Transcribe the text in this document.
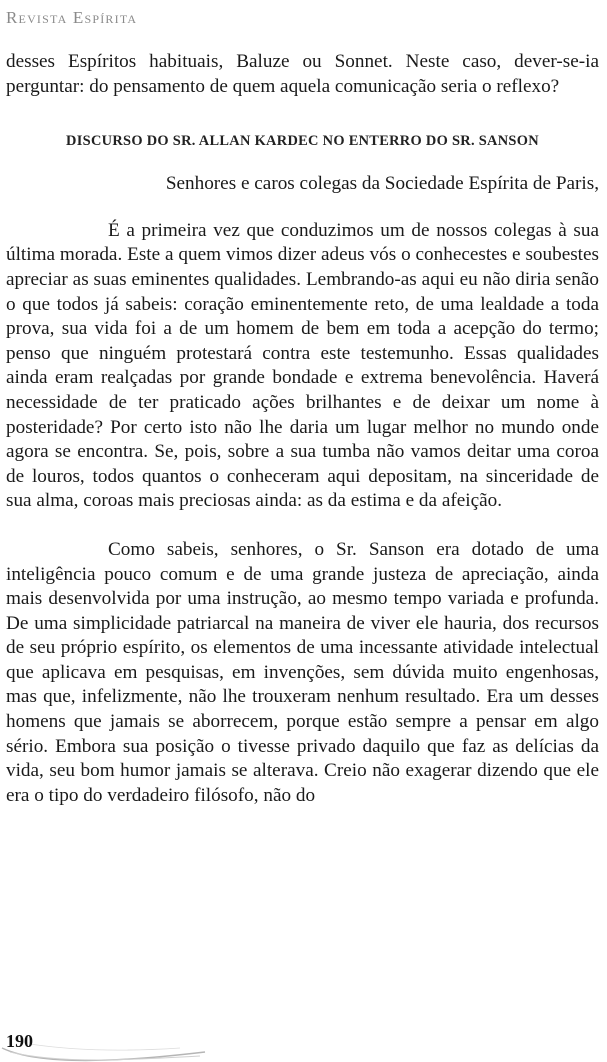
Revista Espírita

desses Espíritos habituais, Baluze ou Sonnet. Neste caso, dever-se-ia perguntar: do pensamento de quem aquela comunicação seria o reflexo?

DISCURSO DO SR. ALLAN KARDEC NO ENTERRO DO SR. SANSON

Senhores e caros colegas da Sociedade Espírita de Paris,

É a primeira vez que conduzimos um de nossos colegas à sua última morada. Este a quem vimos dizer adeus vós o conhecestes e soubestes apreciar as suas eminentes qualidades. Lembrando-as aqui eu não diria senão o que todos já sabeis: coração eminentemente reto, de uma lealdade a toda prova, sua vida foi a de um homem de bem em toda a acepção do termo; penso que ninguém protestará contra este testemunho. Essas qualidades ainda eram realçadas por grande bondade e extrema benevolência. Haverá necessidade de ter praticado ações brilhantes e de deixar um nome à posteridade? Por certo isto não lhe daria um lugar melhor no mundo onde agora se encontra. Se, pois, sobre a sua tumba não vamos deitar uma coroa de louros, todos quantos o conheceram aqui depositam, na sinceridade de sua alma, coroas mais preciosas ainda: as da estima e da afeição.

Como sabeis, senhores, o Sr. Sanson era dotado de uma inteligência pouco comum e de uma grande justeza de apreciação, ainda mais desenvolvida por uma instrução, ao mesmo tempo variada e profunda. De uma simplicidade patriarcal na maneira de viver ele hauria, dos recursos de seu próprio espírito, os elementos de uma incessante atividade intelectual que aplicava em pesquisas, em invenções, sem dúvida muito engenhosas, mas que, infelizmente, não lhe trouxeram nenhum resultado. Era um desses homens que jamais se aborrecem, porque estão sempre a pensar em algo sério. Embora sua posição o tivesse privado daquilo que faz as delícias da vida, seu bom humor jamais se alterava. Creio não exagerar dizendo que ele era o tipo do verdadeiro filósofo, não do

190
